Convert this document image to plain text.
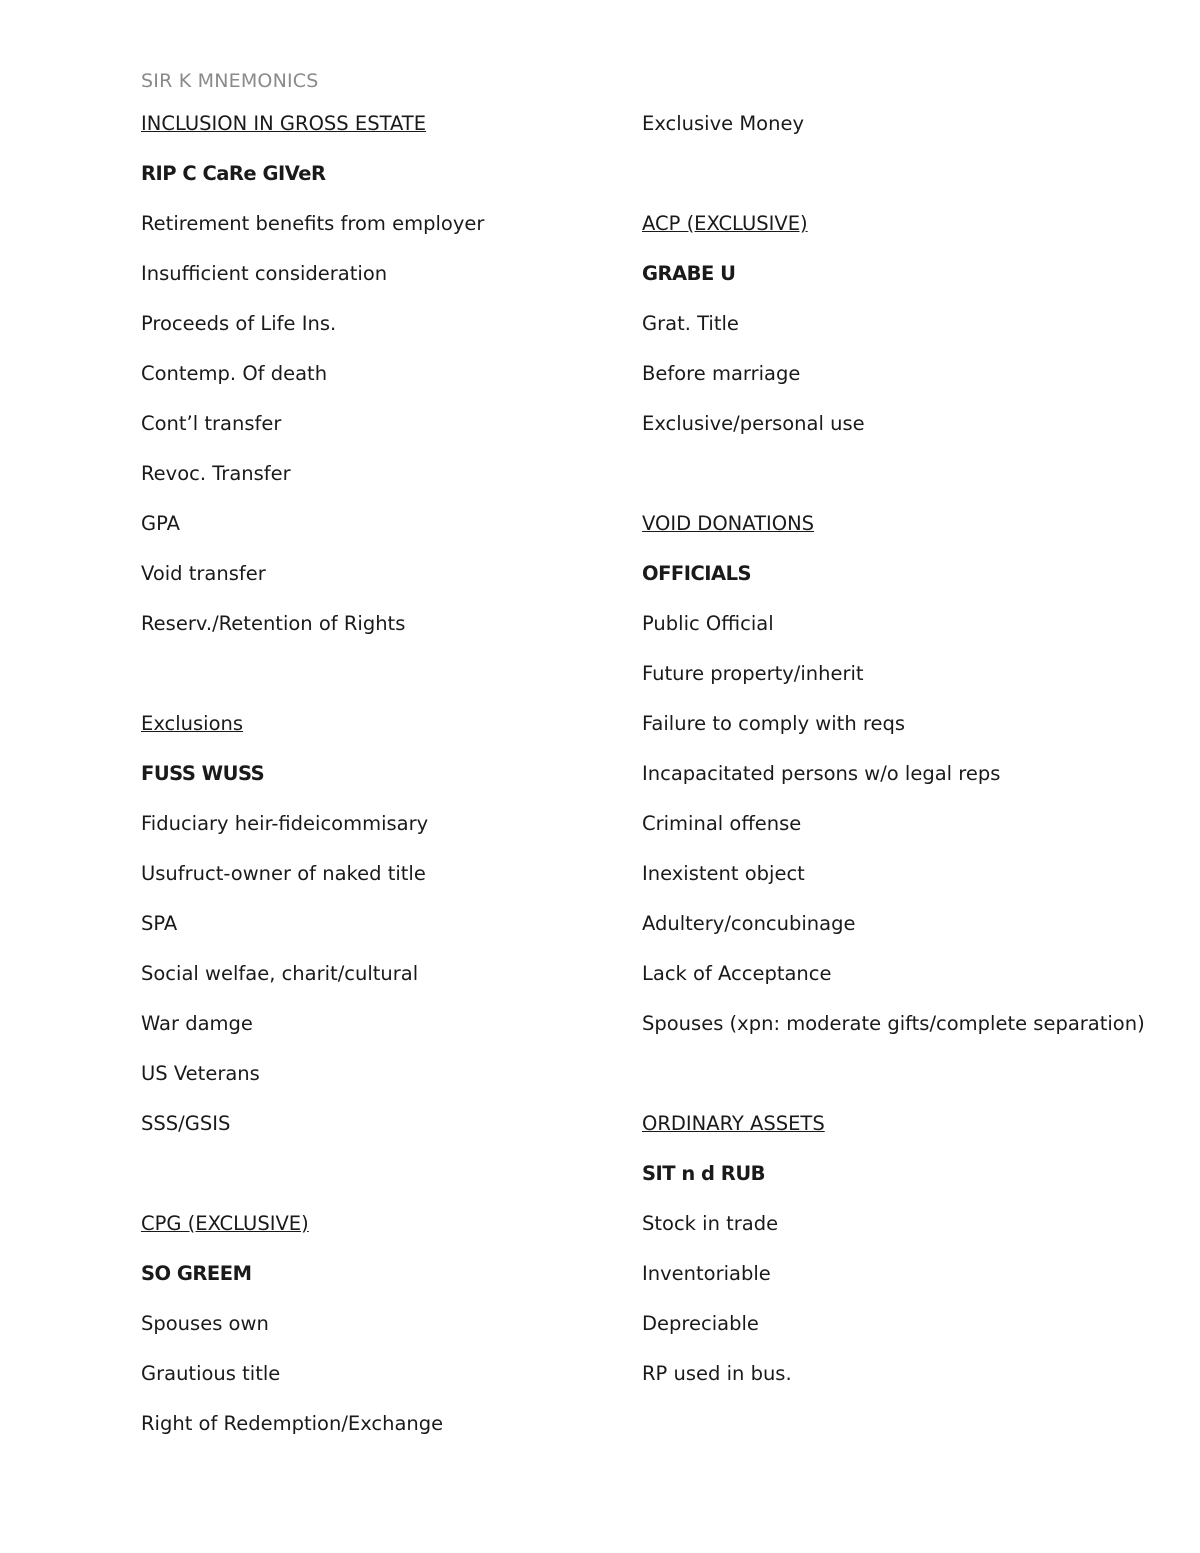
SIR K MNEMONICS
INCLUSION IN GROSS ESTATE
RIP C CaRe GIVeR
Retirement benefits from employer
Insufficient consideration
Proceeds of Life Ins.
Contemp. Of death
Cont’l transfer
Revoc. Transfer
GPA
Void transfer
Reserv./Retention of Rights
Exclusions
FUSS WUSS
Fiduciary heir-fideicommisary
Usufruct-owner of naked title
SPA
Social welfae, charit/cultural
War damge
US Veterans
SSS/GSIS
CPG (EXCLUSIVE)
SO GREEM
Spouses own
Grautious title
Right of Redemption/Exchange
Exclusive Money
ACP (EXCLUSIVE)
GRABE U
Grat. Title
Before marriage
Exclusive/personal use
VOID DONATIONS
OFFICIALS
Public Official
Future property/inherit
Failure to comply with reqs
Incapacitated persons w/o legal reps
Criminal offense
Inexistent object
Adultery/concubinage
Lack of Acceptance
Spouses (xpn: moderate gifts/complete separation)
ORDINARY ASSETS
SIT n d RUB
Stock in trade
Inventoriable
Depreciable
RP used in bus.
